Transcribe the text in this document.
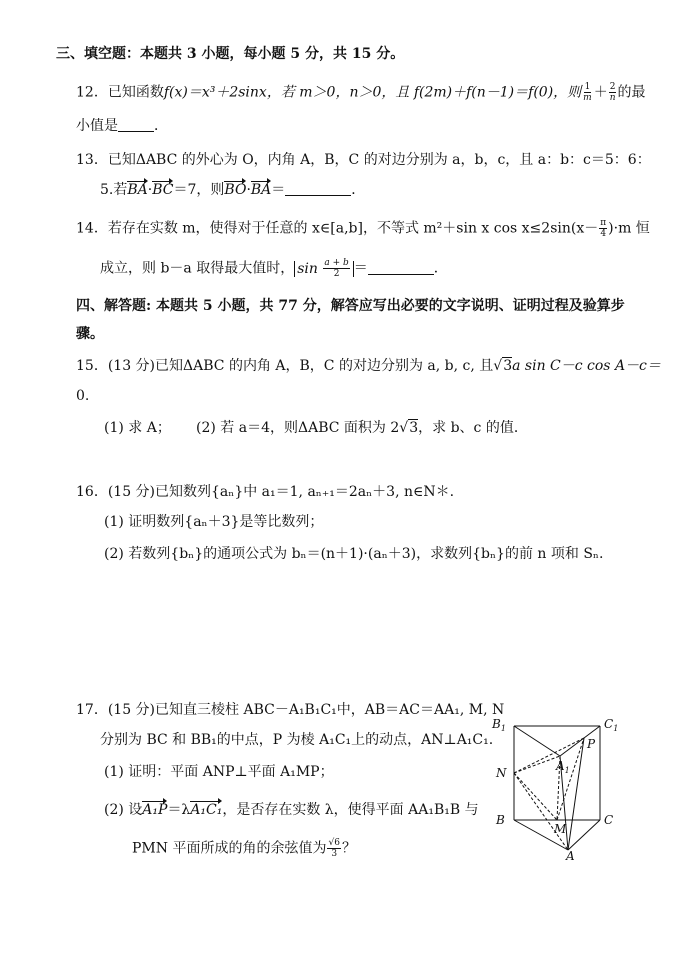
三、填空题：本题共 3 小题，每小题 5 分，共 15 分。
12．已知函数f(x)＝x³＋2sinx，若 m＞0，n＞0，且 f(2m)＋f(n－1)＝f(0)，则 $\frac{1}{m} + \frac{2}{n}$ 的最
小值是	．
13．已知ΔABC 的外心为 O，内角 A，B，C 的对边分别为 a，b，c，且 a：b：c＝5：6：
5.若BA·BC＝7，则BO·BA＝	．
14．若存在实数 m，使得对于任意的 x∈[a,b]，不等式 m²＋sin x $\cos x\le 2\sin(x- \frac{\pi}{4} )\cdot m$ 恒
成立，则 b－a 取得最大值时， $\sin \frac{a + b}{2}$ ＝	．
四、解答题: 本题共 5 小题，共 77 分，解答应写出必要的文字说明、证明过程及验算步
骤。
15．(13 分)已知ΔABC 的内角 A，B，C 的对边分别为 a, b, c, 且√3a sin C－c cos A－c＝
0.
(1) 求 A； (2) 若 a＝4，则ΔABC 面积为 2√3，求 b、c 的值．
16．(15 分)已知数列{aₙ}中 a₁＝1, aₙ₊₁＝2aₙ＋3, n∈N＊.
(1) 证明数列{aₙ＋3}是等比数列；
(2) 若数列{bₙ}的通项公式为 bₙ＝(n＋1)·(aₙ＋3)，求数列{bₙ}的前 n 项和 Sₙ.
17．(15 分)已知直三棱柱 ABC－A₁B₁C₁中，AB＝AC＝AA₁, M, N
分别为 BC 和 BB₁的中点，P 为棱 A₁C₁上的动点，AN⊥A₁C₁.
(1) 证明：平面 ANP⊥平面 A₁MP；
(2) 设A₁P＝λA₁C₁，是否存在实数 λ，使得平面 AA₁B₁B 与
PMN 平面所成的角的余弦值为 $\frac{√6}{3}$ ？
$B_1$	$C_1$
$A_1$
P
N
B	C
M
A
